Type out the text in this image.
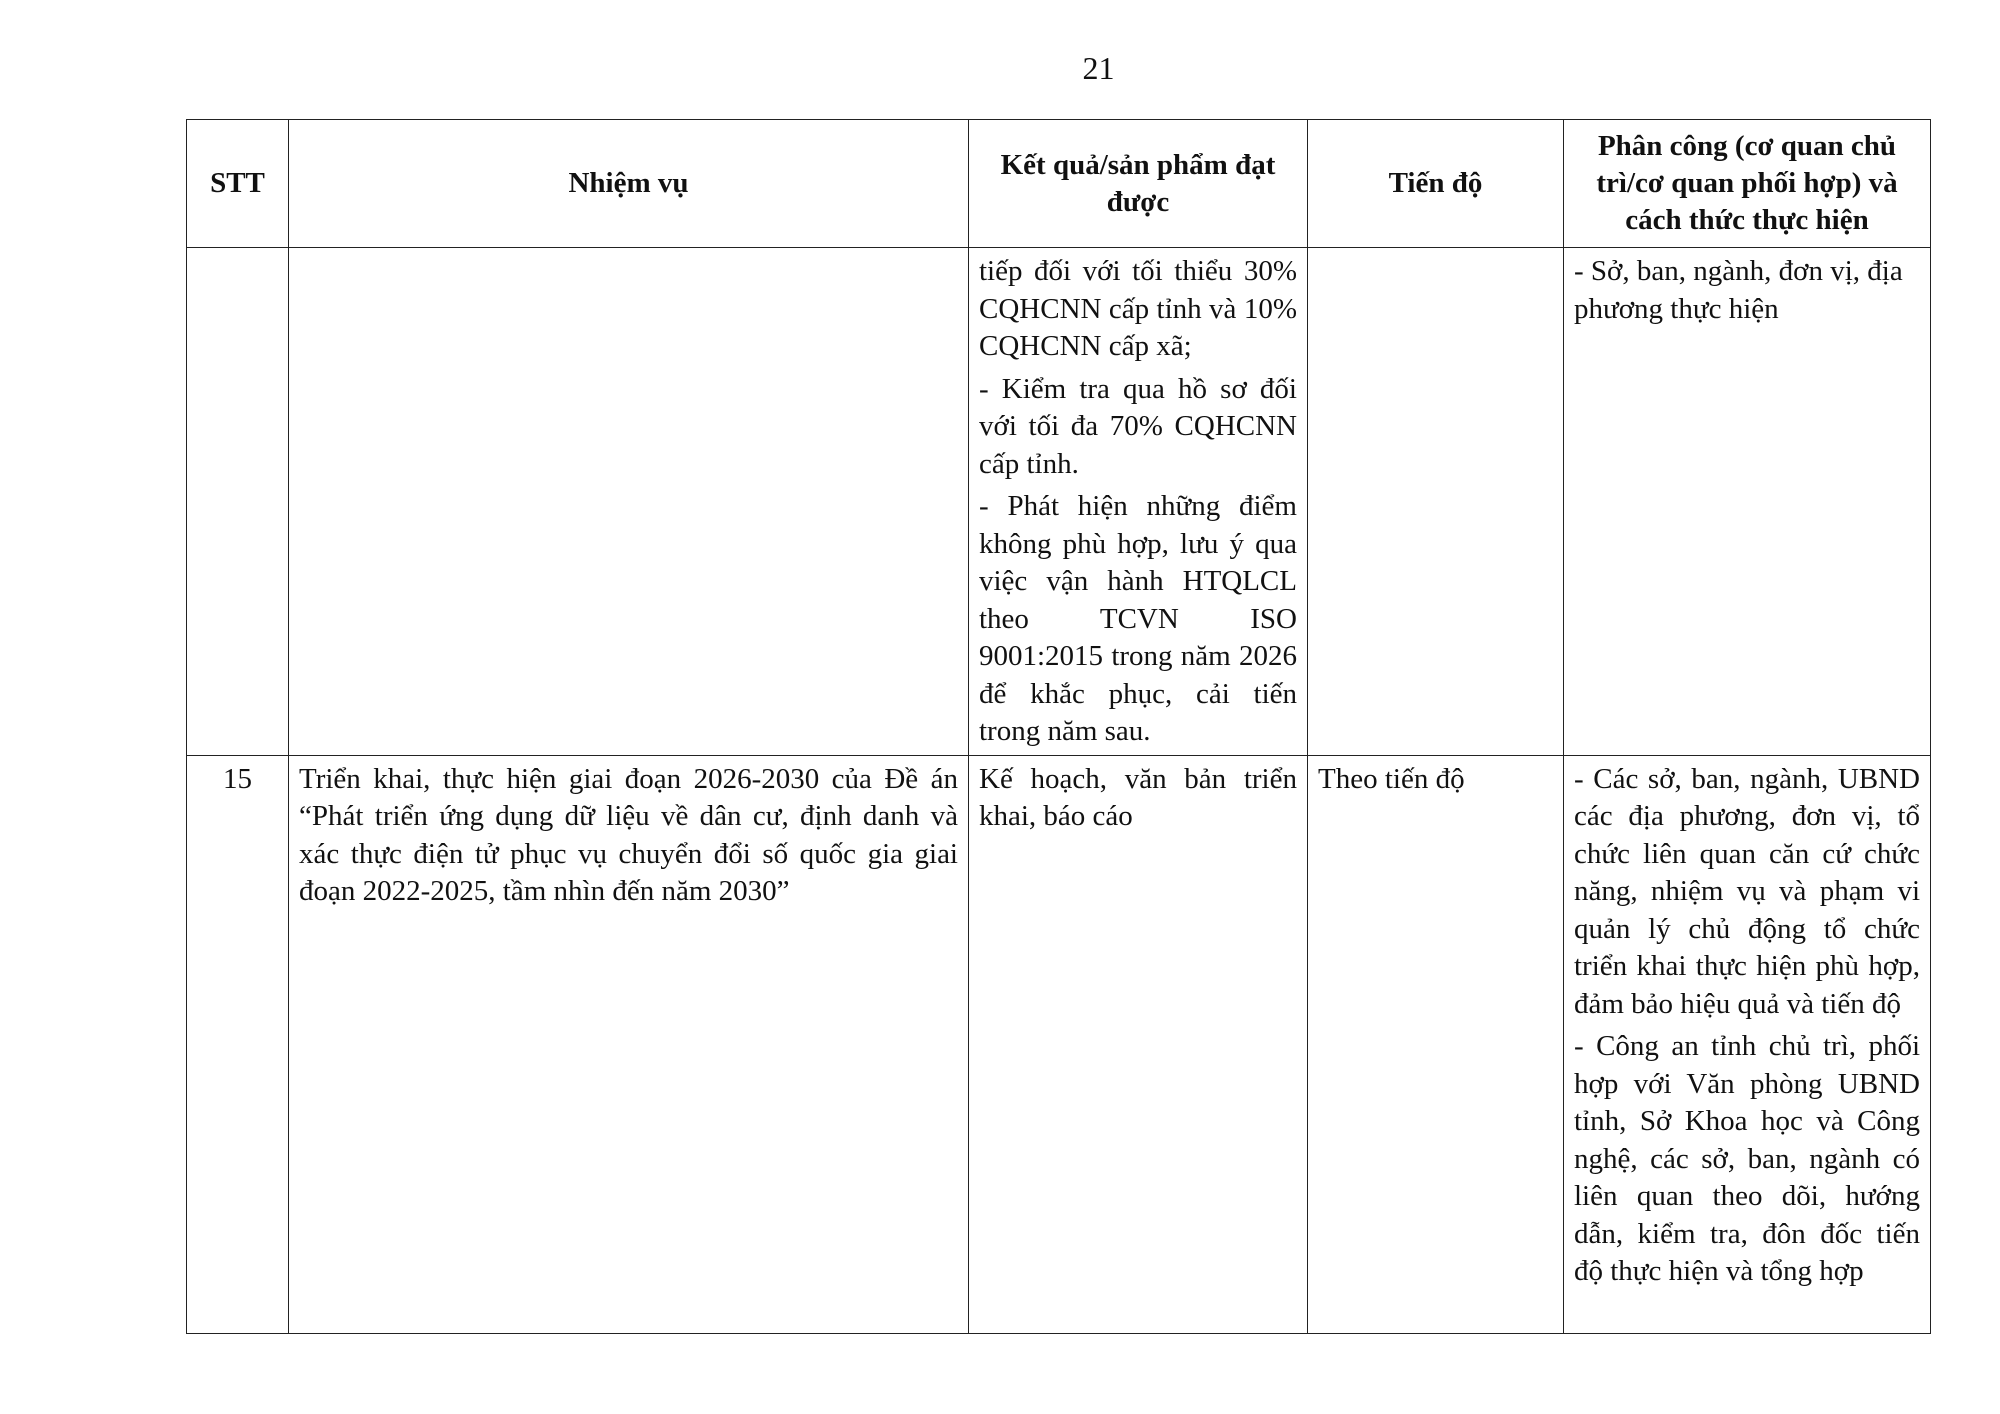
21
STT	Nhiệm vụ	Kết quả/sản phẩm đạt được	Tiến độ	Phân công (cơ quan chủ trì/cơ quan phối hợp) và cách thức thực hiện

		tiếp đối với tối thiểu 30% CQHCNN cấp tỉnh và 10% CQHCNN cấp xã;

- Kiểm tra qua hồ sơ đối với tối đa 70% CQHCNN cấp tỉnh.

- Phát hiện những điểm không phù hợp, lưu ý qua việc vận hành HTQLCL theo TCVN ISO 9001:2015 trong năm 2026 để khắc phục, cải tiến trong năm sau.		- Sở, ban, ngành, đơn vị, địa phương thực hiện

15	Triển khai, thực hiện giai đoạn 2026-2030 của Đề án “Phát triển ứng dụng dữ liệu về dân cư, định danh và xác thực điện tử phục vụ chuyển đổi số quốc gia giai đoạn 2022-2025, tầm nhìn đến năm 2030”	Kế hoạch, văn bản triển khai, báo cáo	Theo tiến độ	- Các sở, ban, ngành, UBND các địa phương, đơn vị, tổ chức liên quan căn cứ chức năng, nhiệm vụ và phạm vi quản lý chủ động tổ chức triển khai thực hiện phù hợp, đảm bảo hiệu quả và tiến độ

- Công an tỉnh chủ trì, phối hợp với Văn phòng UBND tỉnh, Sở Khoa học và Công nghệ, các sở, ban, ngành có liên quan theo dõi, hướng dẫn, kiểm tra, đôn đốc tiến độ thực hiện và tổng hợp
